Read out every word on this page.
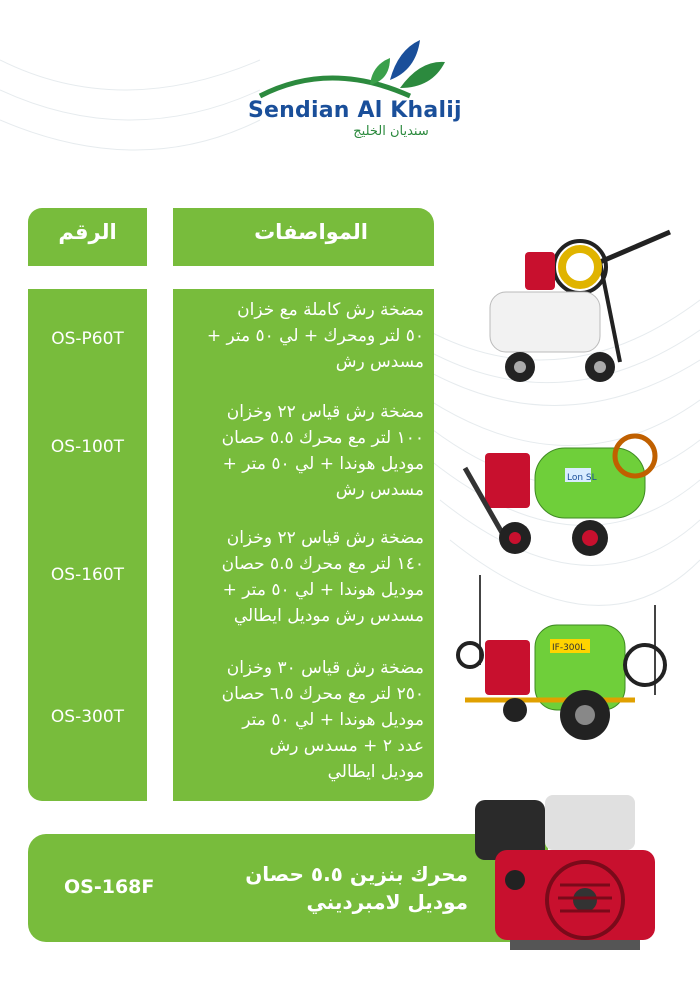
Sendian Al Khalij
سنديان الخليج
الرقم	المواصفات
OS-P60T
OS-100T
OS-160T
OS-300T
مضخة رش كاملة مع خزان
٥٠ لتر ومحرك + لي ٥٠ متر +
مسدس رش
مضخة رش قياس ٢٢ وخزان
١٠٠ لتر مع محرك ٥.٥ حصان
موديل هوندا + لي ٥٠ متر +
مسدس رش
مضخة رش قياس ٢٢ وخزان
١٤٠ لتر مع محرك ٥.٥ حصان
موديل هوندا + لي ٥٠ متر +
مسدس رش موديل ايطالي
مضخة رش قياس ٣٠ وخزان
٢٥٠ لتر مع محرك ٦.٥ حصان
موديل هوندا + لي ٥٠ متر
عدد ٢ + مسدس رش
موديل ايطالي
Lon SL
IF-300L
OS-168F
محرك بنزين ٥.٥ حصان
موديل لامبرديني
حراج
